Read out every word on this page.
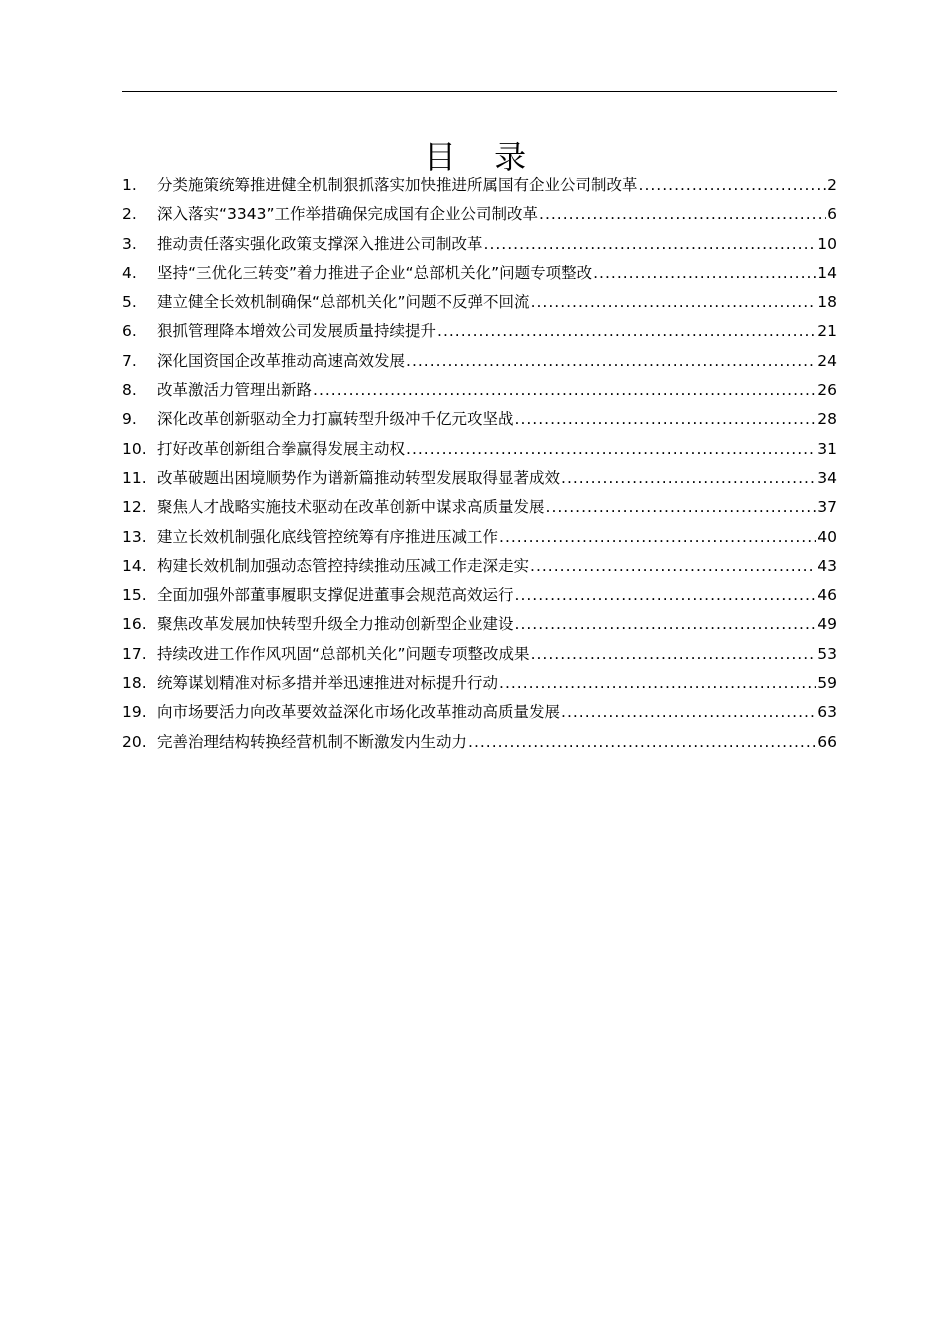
目 录
1.	分类施策统筹推进健全机制狠抓落实加快推进所属国有企业公司制改革 .....	2
2.	深入落实“3343”工作举措确保完成国有企业公司制改革 .....	6
3.	推动责任落实强化政策支撑深入推进公司制改革 .....	10
4.	坚持“三优化三转变”着力推进子企业“总部机关化”问题专项整改 .....	14
5.	建立健全长效机制确保“总部机关化”问题不反弹不回流 .....	18
6.	狠抓管理降本增效公司发展质量持续提升 .....	21
7.	深化国资国企改革推动高速高效发展 .....	24
8.	改革激活力管理出新路 .....	26
9.	深化改革创新驱动全力打赢转型升级冲千亿元攻坚战 .....	28
10. 打好改革创新组合拳赢得发展主动权 .....	31
11. 改革破题出困境顺势作为谱新篇推动转型发展取得显著成效 .....	34
12. 聚焦人才战略实施技术驱动在改革创新中谋求高质量发展 .....	37
13. 建立长效机制强化底线管控统筹有序推进压减工作 .....	40
14. 构建长效机制加强动态管控持续推动压减工作走深走实 .....	43
15. 全面加强外部董事履职支撑促进董事会规范高效运行 .....	46
16. 聚焦改革发展加快转型升级全力推动创新型企业建设 .....	49
17. 持续改进工作作风巩固“总部机关化”问题专项整改成果 .....	53
18. 统筹谋划精准对标多措并举迅速推进对标提升行动 .....	59
19. 向市场要活力向改革要效益深化市场化改革推动高质量发展 .....	63
20. 完善治理结构转换经营机制不断激发内生动力 .....	66
